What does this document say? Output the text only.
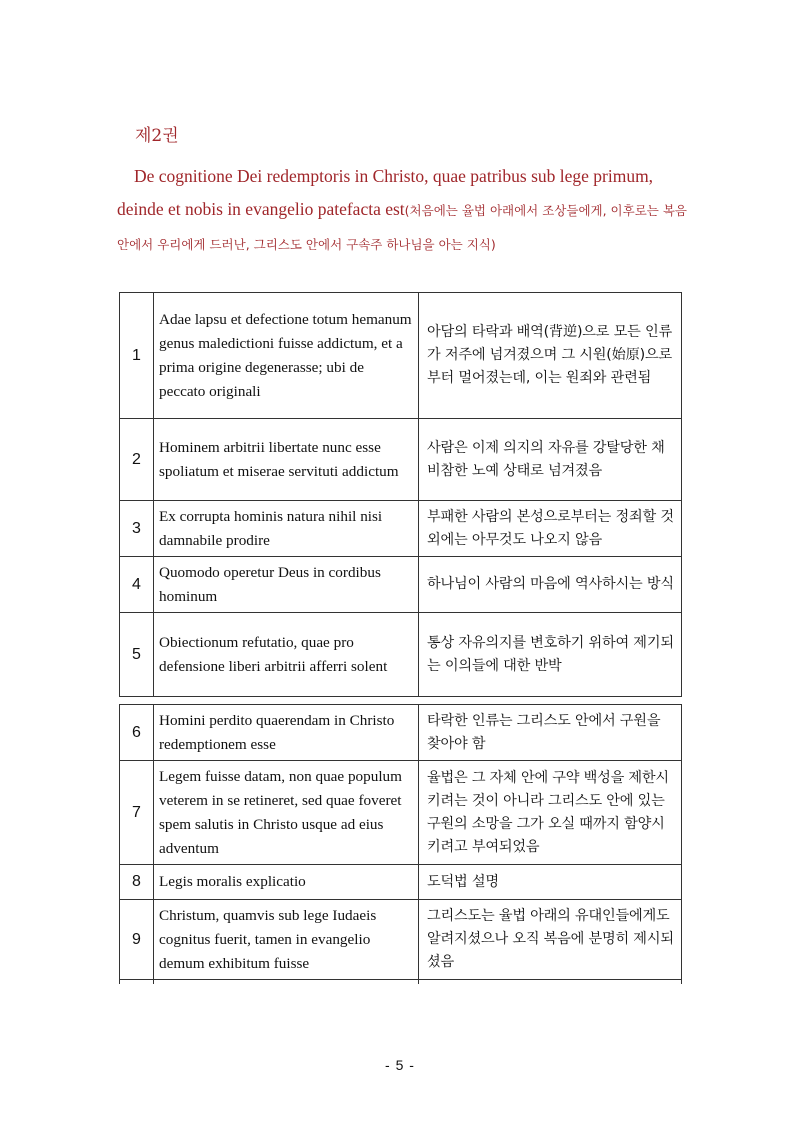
제2권
De cognitione Dei redemptoris in Christo, quae patribus sub lege primum, deinde et nobis in evangelio patefacta est(처음에는 율법 아래에서 조상들에게, 이후로는 복음 안에서 우리에게 드러난, 그리스도 안에서 구속주 하나님을 아는 지식)
1	Adae lapsu et defectione totum hemanum genus maledictioni fuisse addictum, et a prima origine degenerasse; ubi de peccato originali	아담의 타락과 배역(背逆)으로 모든 인류가 저주에 넘겨졌으며 그 시원(始原)으로부터 멀어졌는데, 이는 원죄와 관련됨
2	Hominem arbitrii libertate nunc esse spoliatum et miserae servituti addictum	사람은 이제 의지의 자유를 강탈당한 채 비참한 노예 상태로 넘겨졌음
3	Ex corrupta hominis natura nihil nisi damnabile prodire	부패한 사람의 본성으로부터는 정죄할 것 외에는 아무것도 나오지 않음
4	Quomodo operetur Deus in cordibus hominum	하나님이 사람의 마음에 역사하시는 방식
5	Obiectionum refutatio, quae pro defensione liberi arbitrii afferri solent	통상 자유의지를 변호하기 위하여 제기되는 이의들에 대한 반박
6	Homini perdito quaerendam in Christo redemptionem esse	타락한 인류는 그리스도 안에서 구원을 찾아야 함
7	Legem fuisse datam, non quae populum veterem in se retineret, sed quae foveret spem salutis in Christo usque ad eius adventum	율법은 그 자체 안에 구약 백성을 제한시키려는 것이 아니라 그리스도 안에 있는 구원의 소망을 그가 오실 때까지 함양시키려고 부여되었음
8	Legis moralis explicatio	도덕법 설명
9	Christum, quamvis sub lege Iudaeis cognitus fuerit, tamen in evangelio demum exhibitum fuisse	그리스도는 율법 아래의 유대인들에게도 알려지셨으나 오직 복음에 분명히 제시되셨음

- 5 -
